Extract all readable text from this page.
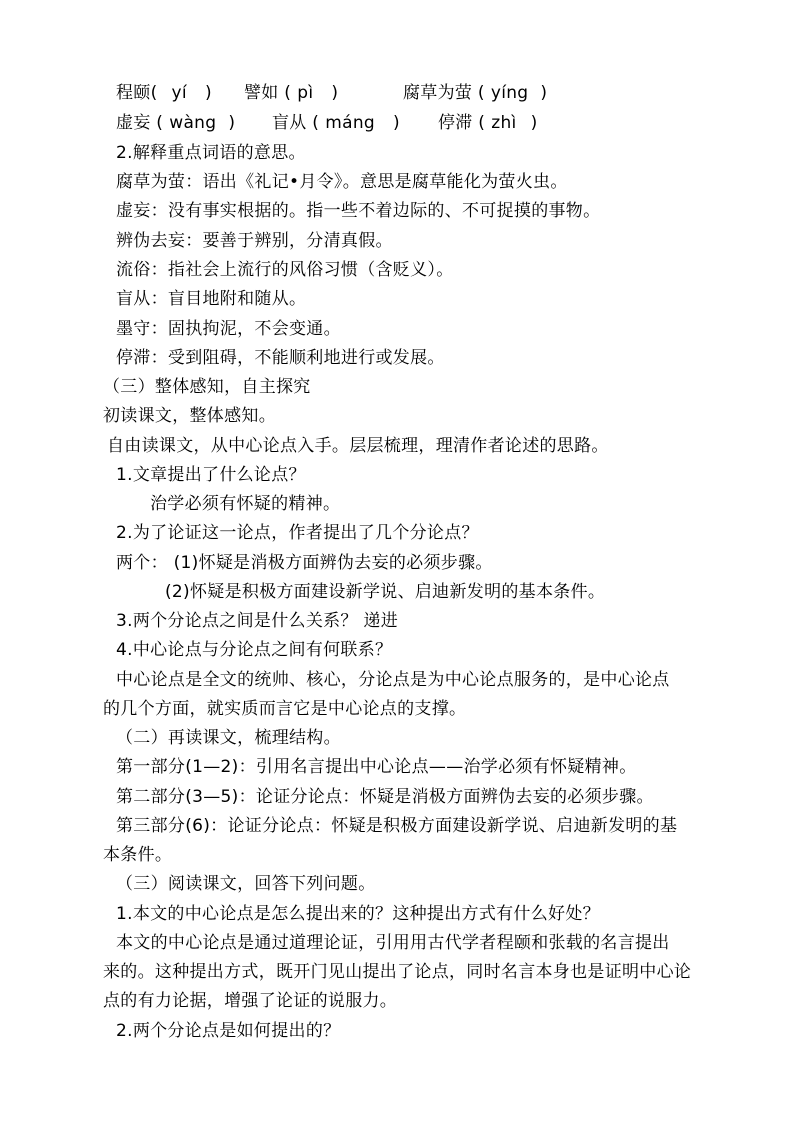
程颐( yí ) 譬如 ( pì )	腐草为萤 ( yíng )
虚妄 ( wàng ) 盲从 ( máng ) 停滞 ( zhì )
2.解释重点词语的意思。
腐草为萤：语出《礼记•月令》。意思是腐草能化为萤火虫。
虚妄：没有事实根据的。指一些不着边际的、不可捉摸的事物。
辨伪去妄：要善于辨别，分清真假。
流俗：指社会上流行的风俗习惯（含贬义）。
盲从：盲目地附和随从。
墨守：固执拘泥，不会变通。
停滞：受到阻碍，不能顺利地进行或发展。
（三）整体感知，自主探究
初读课文，整体感知。
自由读课文，从中心论点入手。层层梳理，理清作者论述的思路。
1.文章提出了什么论点？
治学必须有怀疑的精神。
2.为了论证这一论点，作者提出了几个分论点？
两个： (1)怀疑是消极方面辨伪去妄的必须步骤。
(2)怀疑是积极方面建设新学说、启迪新发明的基本条件。
3.两个分论点之间是什么关系？ 递进
4.中心论点与分论点之间有何联系？
中心论点是全文的统帅、核心，分论点是为中心论点服务的，是中心论点
的几个方面，就实质而言它是中心论点的支撑。
（二）再读课文，梳理结构。
第一部分(1—2)：引用名言提出中心论点——治学必须有怀疑精神。
第二部分(3—5)：论证分论点：怀疑是消极方面辨伪去妄的必须步骤。
第三部分(6)：论证分论点：怀疑是积极方面建设新学说、启迪新发明的基
本条件。
（三）阅读课文，回答下列问题。
1.本文的中心论点是怎么提出来的？这种提出方式有什么好处？
本文的中心论点是通过道理论证，引用用古代学者程颐和张载的名言提出
来的。这种提出方式，既开门见山提出了论点，同时名言本身也是证明中心论
点的有力论据，增强了论证的说服力。
2.两个分论点是如何提出的？
